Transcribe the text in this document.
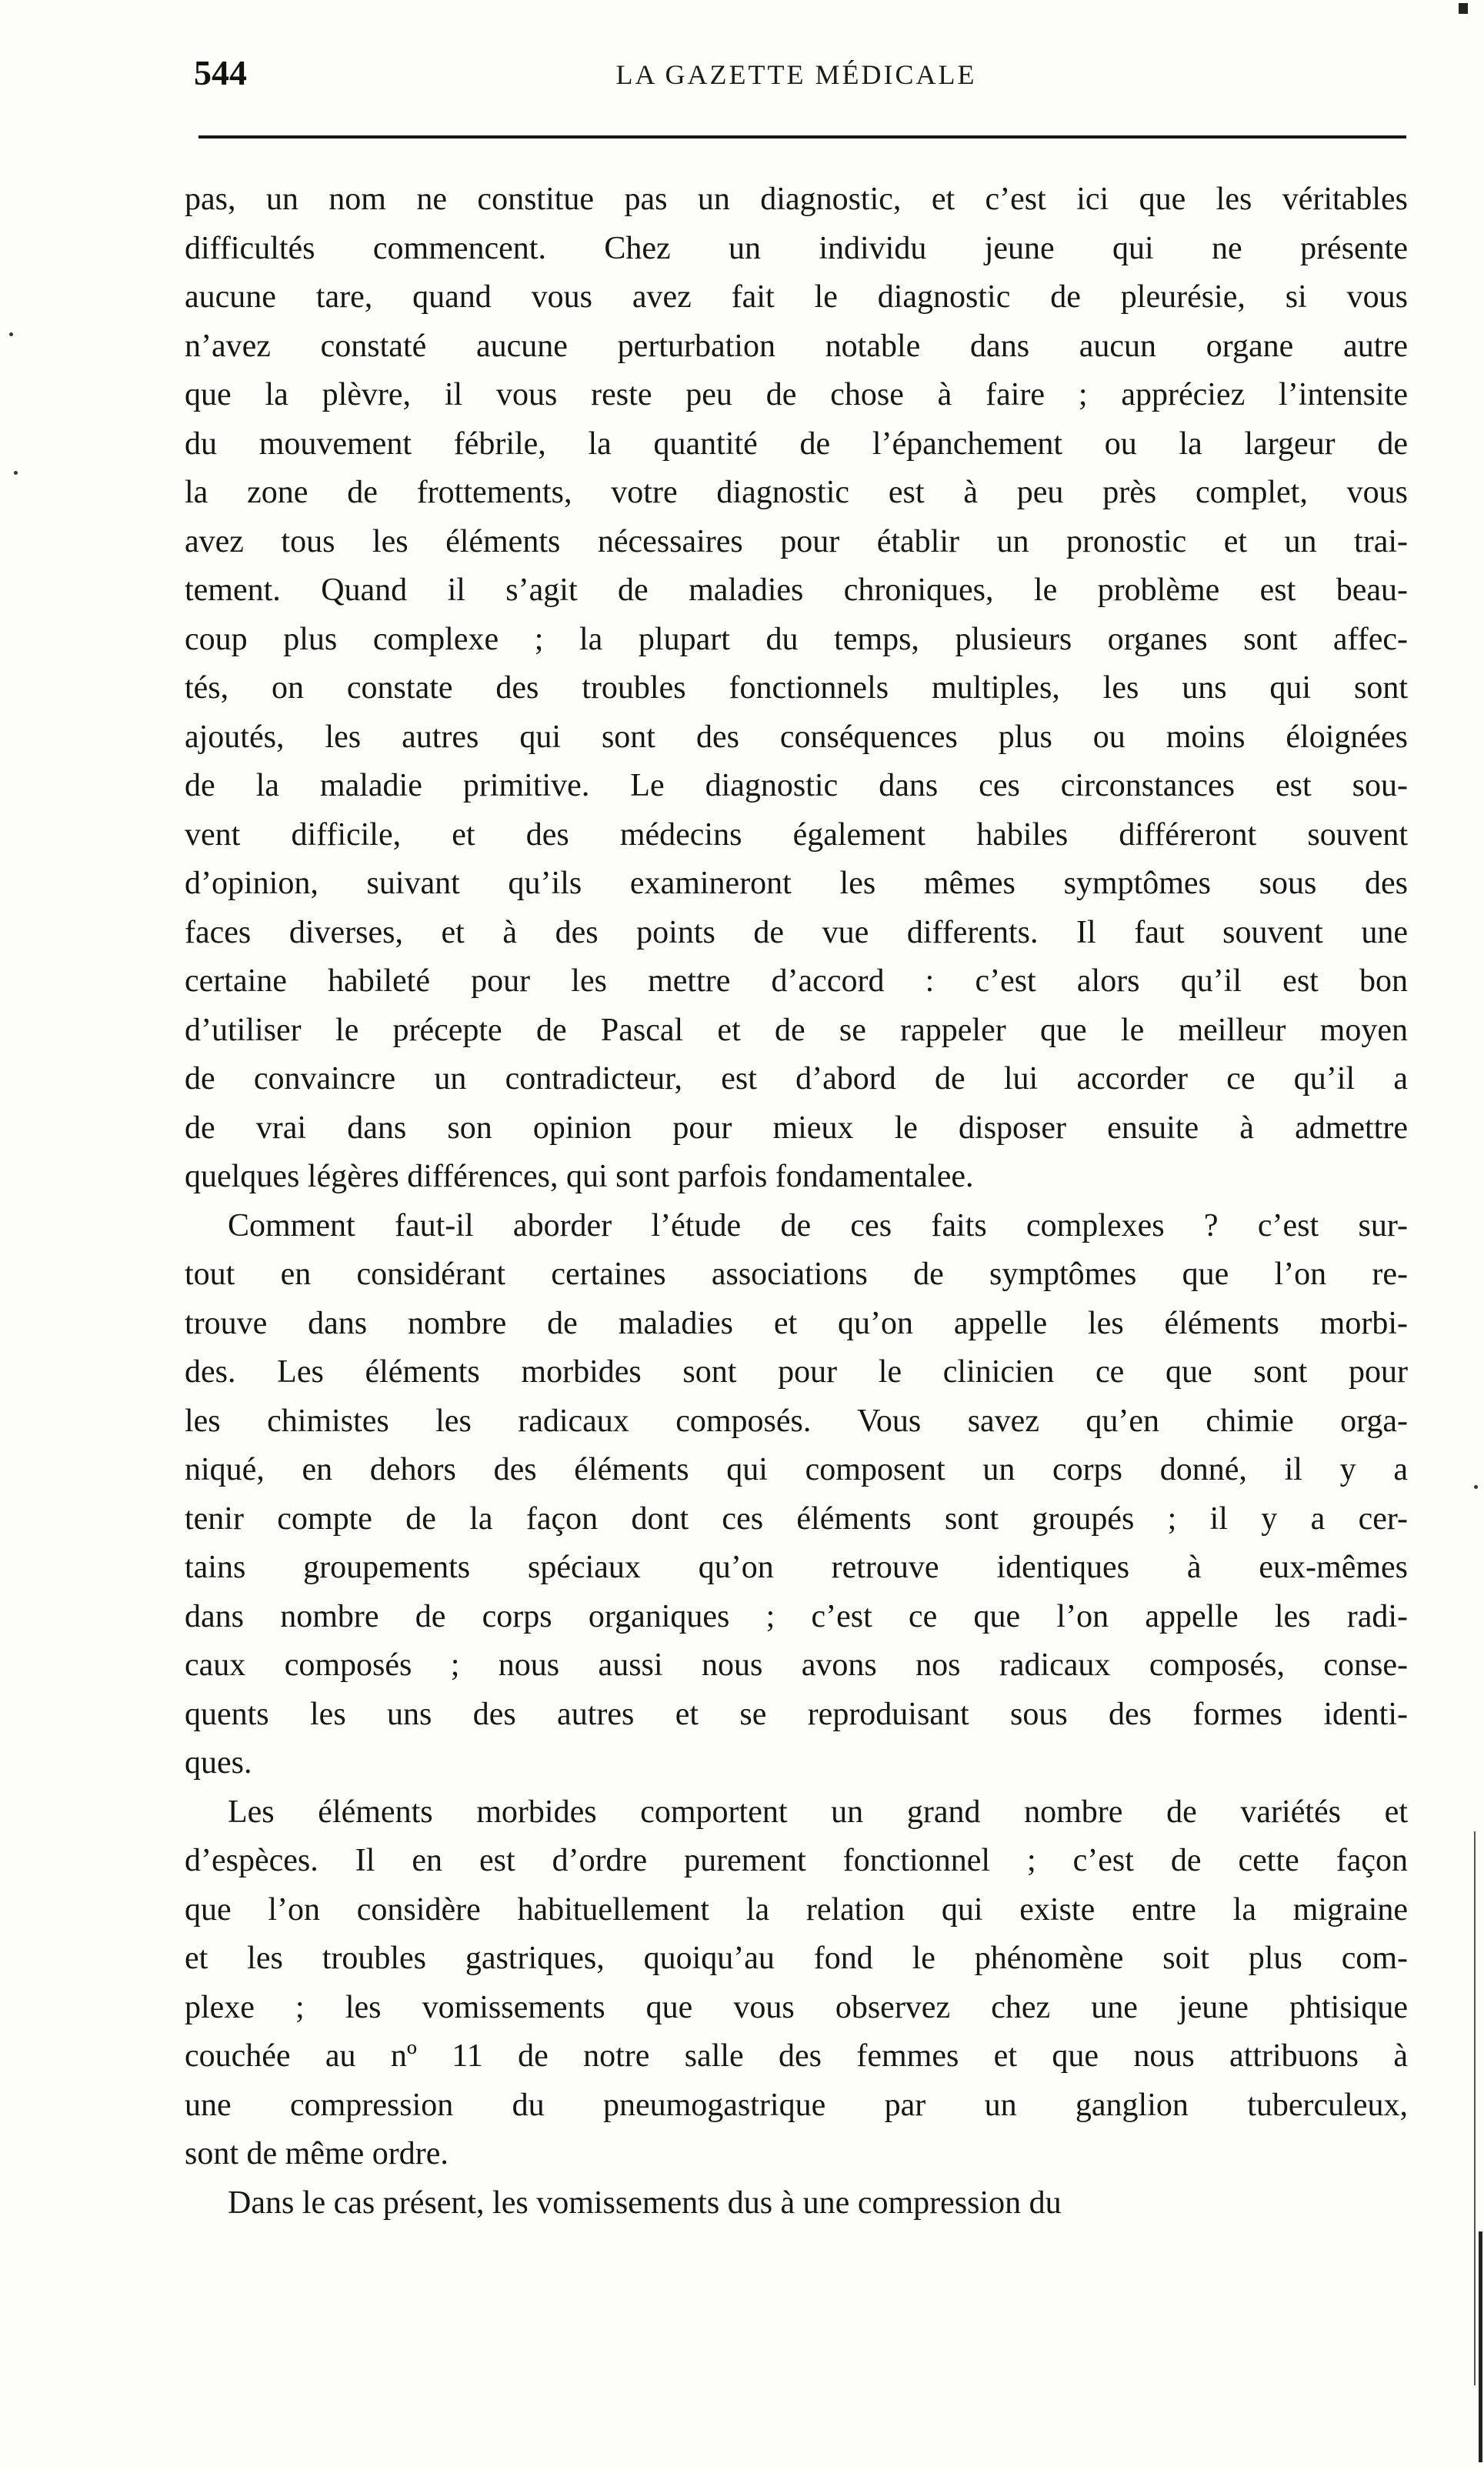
544	LA GAZETTE MÉDICALE
pas, un nom ne constitue pas un diagnostic, et c’est ici que les véritables
difficultés commencent. Chez un individu jeune qui ne présente
aucune tare, quand vous avez fait le diagnostic de pleurésie, si vous
n’avez constaté aucune perturbation notable dans aucun organe autre
que la plèvre, il vous reste peu de chose à faire ; appréciez l’intensite
du mouvement fébrile, la quantité de l’épanchement ou la largeur de
la zone de frottements, votre diagnostic est à peu près complet, vous
avez tous les éléments nécessaires pour établir un pronostic et un trai-
tement. Quand il s’agit de maladies chroniques, le problème est beau-
coup plus complexe ; la plupart du temps, plusieurs organes sont affec-
tés, on constate des troubles fonctionnels multiples, les uns qui sont
ajoutés, les autres qui sont des conséquences plus ou moins éloignées
de la maladie primitive. Le diagnostic dans ces circonstances est sou-
vent difficile, et des médecins également habiles différeront souvent
d’opinion, suivant qu’ils examineront les mêmes symptômes sous des
faces diverses, et à des points de vue differents. Il faut souvent une
certaine habileté pour les mettre d’accord : c’est alors qu’il est bon
d’utiliser le précepte de Pascal et de se rappeler que le meilleur moyen
de convaincre un contradicteur, est d’abord de lui accorder ce qu’il a
de vrai dans son opinion pour mieux le disposer ensuite à admettre
quelques légères différences, qui sont parfois fondamentalee.
Comment faut-il aborder l’étude de ces faits complexes ? c’est sur-
tout en considérant certaines associations de symptômes que l’on re-
trouve dans nombre de maladies et qu’on appelle les éléments morbi-
des. Les éléments morbides sont pour le clinicien ce que sont pour
les chimistes les radicaux composés. Vous savez qu’en chimie orga-
niqué, en dehors des éléments qui composent un corps donné, il y a
tenir compte de la façon dont ces éléments sont groupés ; il y a cer-
tains groupements spéciaux qu’on retrouve identiques à eux-mêmes
dans nombre de corps organiques ; c’est ce que l’on appelle les radi-
caux composés ; nous aussi nous avons nos radicaux composés, conse-
quents les uns des autres et se reproduisant sous des formes identi-
ques.
Les éléments morbides comportent un grand nombre de variétés et
d’espèces. Il en est d’ordre purement fonctionnel ; c’est de cette façon
que l’on considère habituellement la relation qui existe entre la migraine
et les troubles gastriques, quoiqu’au fond le phénomène soit plus com-
plexe ; les vomissements que vous observez chez une jeune phtisique
couchée au nº 11 de notre salle des femmes et que nous attribuons à
une compression du pneumogastrique par un ganglion tuberculeux,
sont de même ordre.
Dans le cas présent, les vomissements dus à une compression du
